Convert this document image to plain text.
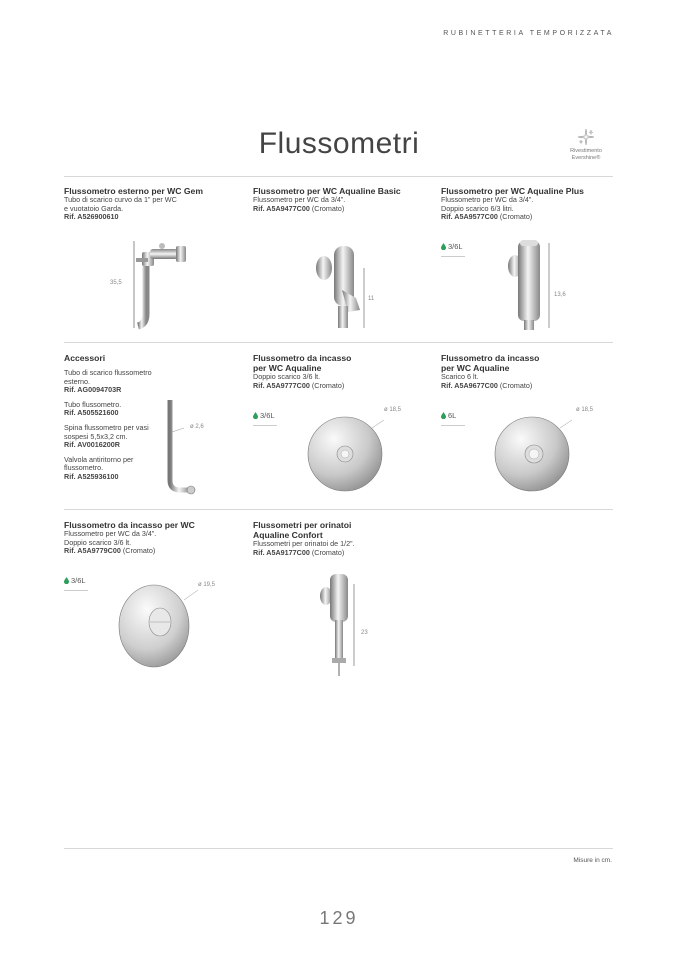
RUBINETTERIA TEMPORIZZATA
Flussometri	Rivestimento
Evershine®
Flussometro esterno per WC Gem

Tubo di scarico curvo da 1” per WC

e vuotatoio Garda.

Rif. A526900610

35,5
Flussometro per WC Aqualine Basic

Flussometro per WC da 3/4”.

Rif. A5A9477C00 (Cromato)

11
Flussometro per WC Aqualine Plus

Flussometro per WC da 3/4”.

Doppio scarico 6/3 litri.

Rif. A5A9577C00 (Cromato)

3/6L
13,6
Accessori

Tubo di scarico flussometro esterno.
Rif. AG0094703R

Tubo flussometro.
Rif. A505521600

Spina flussometro per vasi sospesi 5,5x3,2 cm.
Rif. AV0016200R

Valvola antiritorno per flussometro.
Rif. A525936100

ø 2,6
Flussometro da incasso
per WC Aqualine

Doppio scarico 3/6 lt.

Rif. A5A9777C00 (Cromato)

3/6L
ø 18,5
Flussometro da incasso
per WC Aqualine

Scarico 6 lt.

Rif. A5A9677C00 (Cromato)

6L
ø 18,5
Flussometro da incasso per WC

Flussometro per WC da 3/4”.

Doppio scarico 3/6 lt.

Rif. A5A9779C00 (Cromato)

3/6L	ø 19,5
Flussometri per orinatoi
Aqualine Confort

Flussometri per orinatoi de 1/2”.

Rif. A5A9177C00 (Cromato)

23
Misure in cm.
129
